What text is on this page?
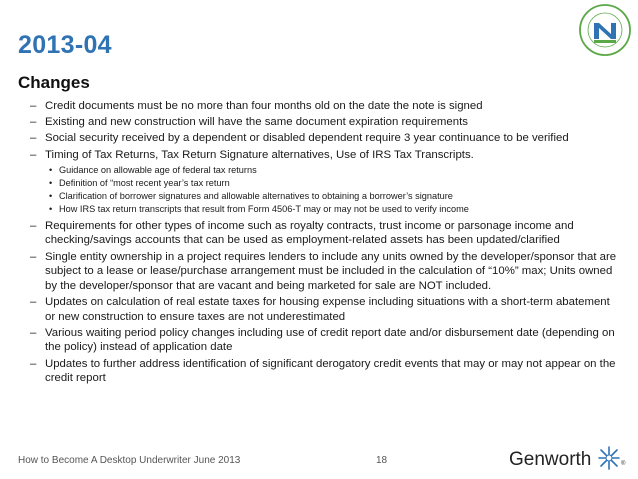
2013-04
Changes
– Credit documents must be no more than four months old on the date the note is signed
– Existing and new construction will have the same document expiration requirements
– Social security received by a dependent or disabled dependent require 3 year continuance to be verified
– Timing of Tax Returns, Tax Return Signature alternatives, Use of IRS Tax Transcripts.
• Guidance on allowable age of federal tax returns
• Definition of “most recent year’s tax return
• Clarification of borrower signatures and allowable alternatives to obtaining a borrower’s signature
• How IRS tax return transcripts that result from Form 4506-T may or may not be used to verify income
– Requirements for other types of income such as royalty contracts, trust income or parsonage income and checking/savings accounts that can be used as employment-related assets has been updated/clarified
– Single entity ownership in a project requires lenders to include any units owned by the developer/sponsor that are subject to a lease or lease/purchase arrangement must be included in the calculation of “10%” max; Units owned by the developer/sponsor that are vacant and being marketed for sale are NOT included.
– Updates on calculation of real estate taxes for housing expense including situations with a short-term abatement or new construction to ensure taxes are not underestimated
– Various waiting period policy changes including use of credit report date and/or disbursement date (depending on the policy) instead of application date
– Updates to further address identification of significant derogatory credit events that may or may not appear on the credit report
How to Become A Desktop Underwriter June 2013	18	Genworth	®
